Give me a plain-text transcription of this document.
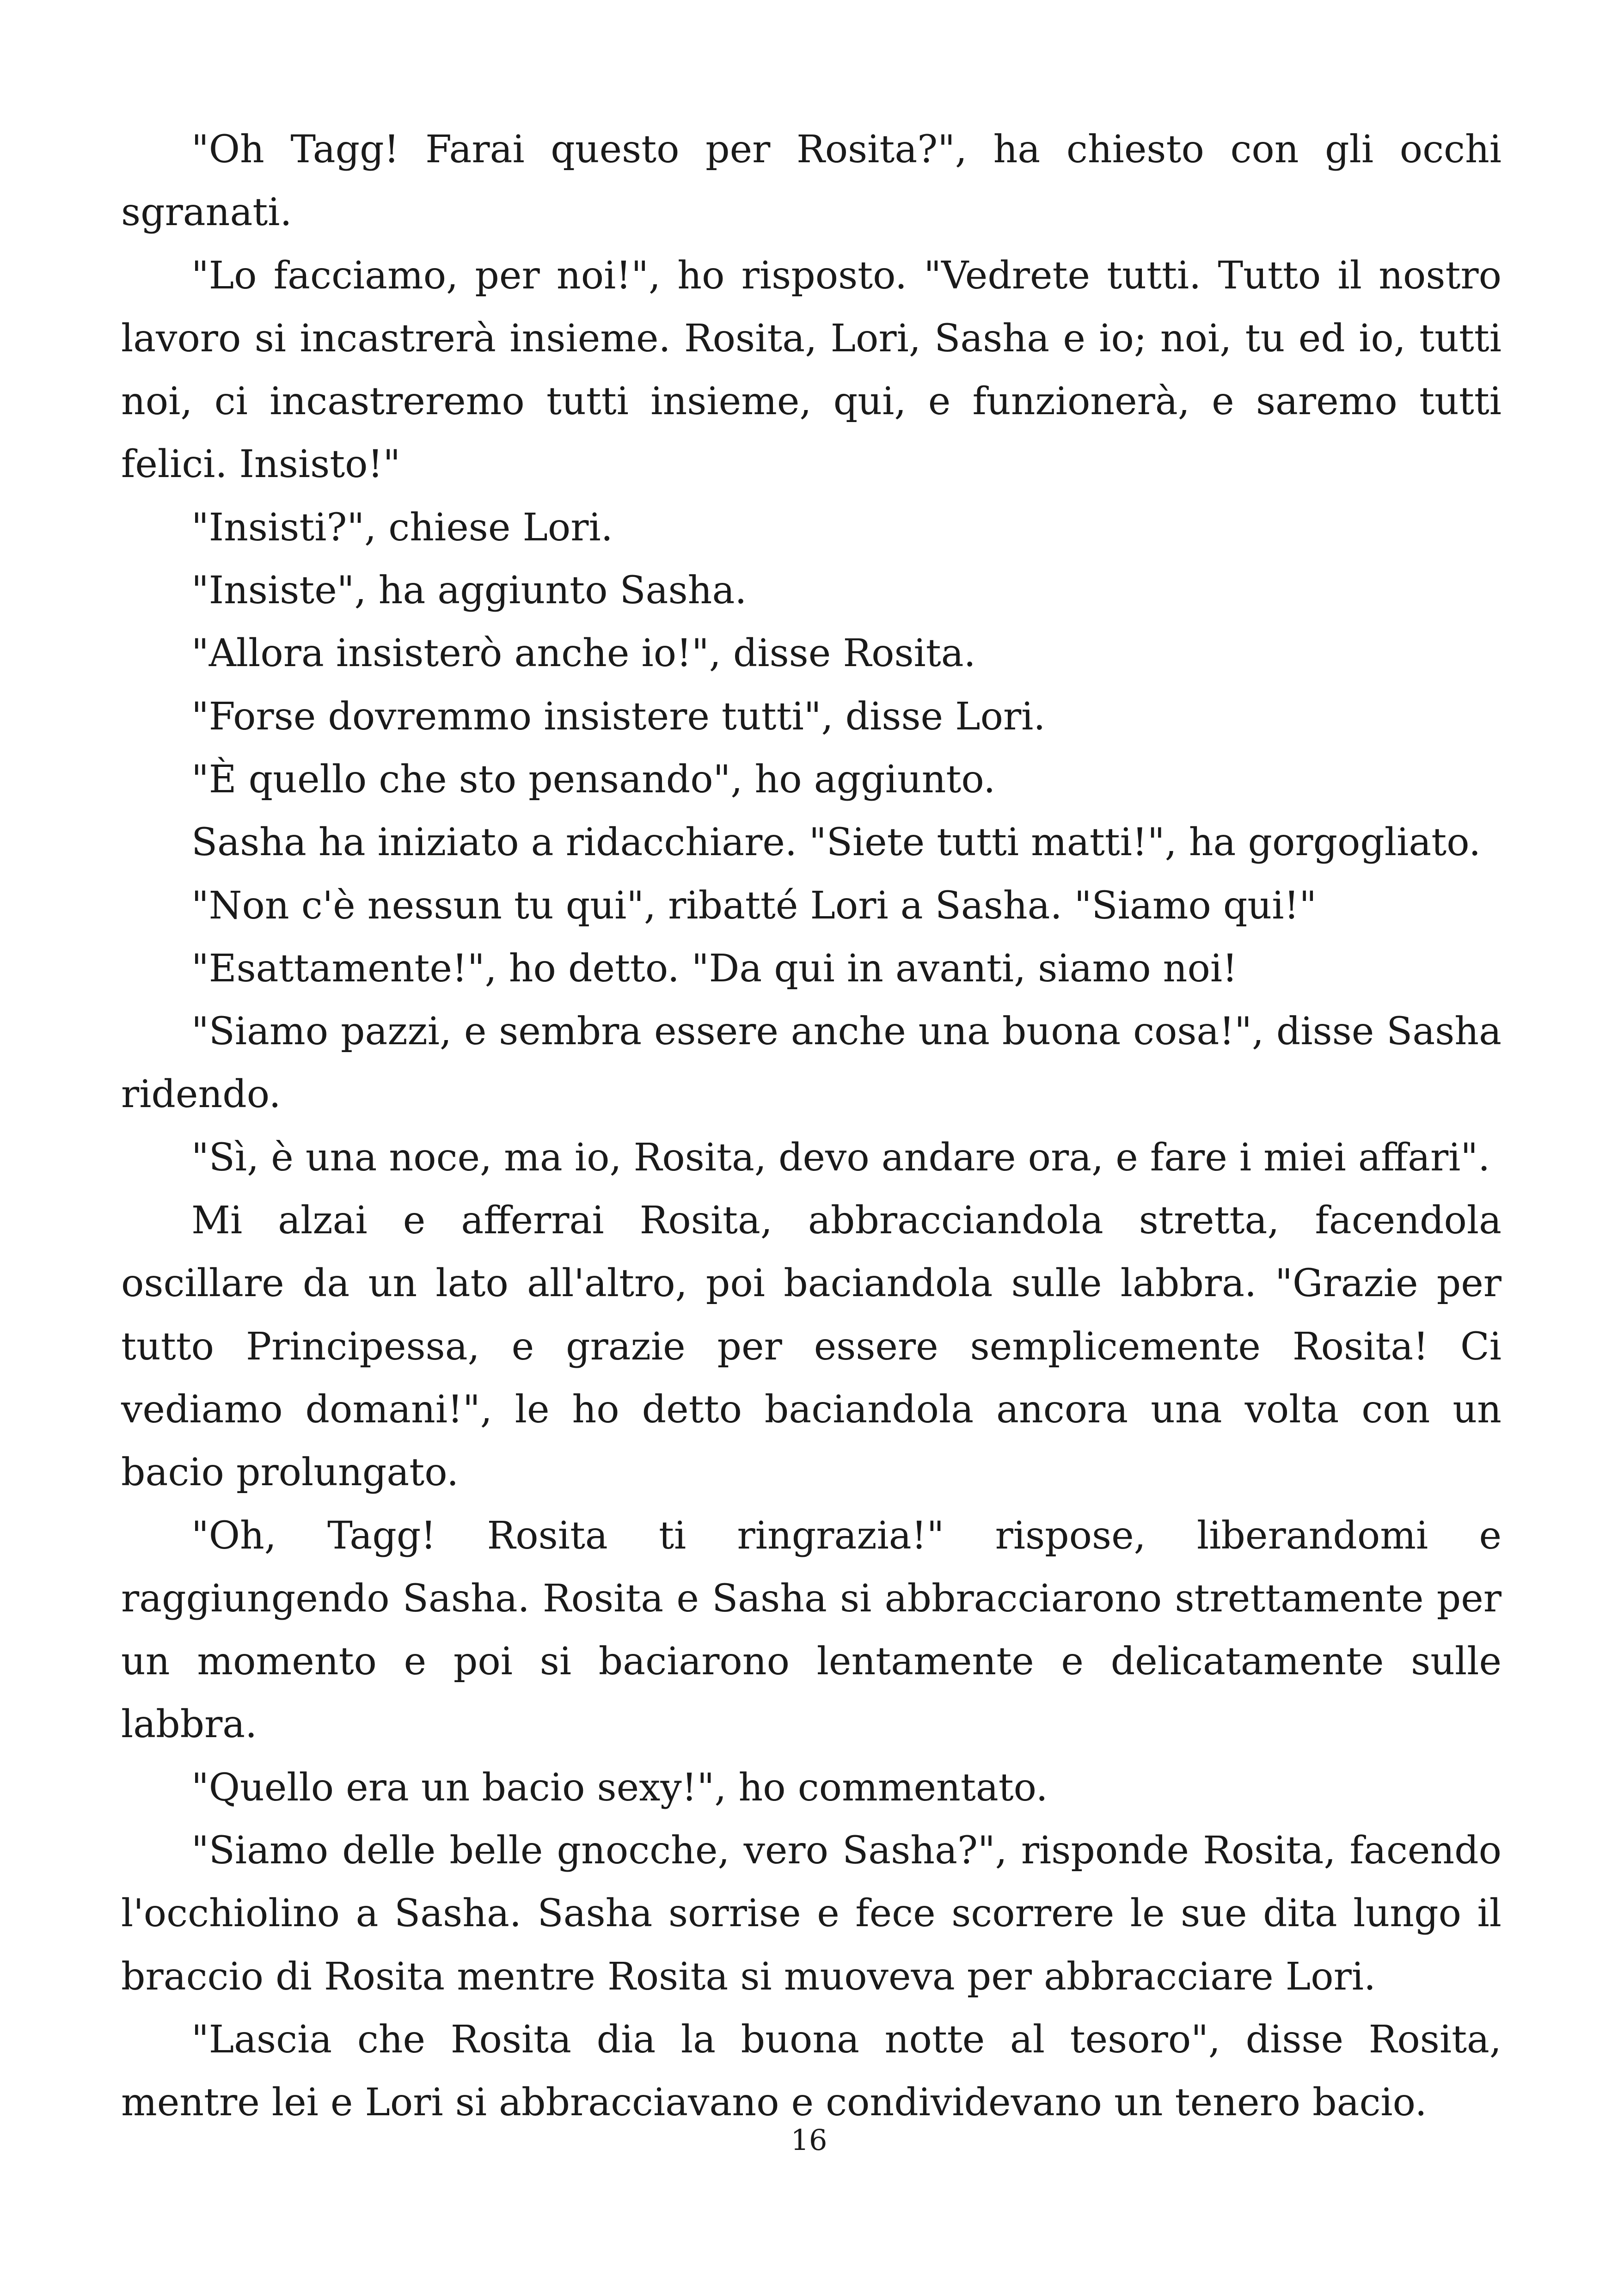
"Oh Tagg! Farai questo per Rosita?", ha chiesto con gli occhi sgranati.

"Lo facciamo, per noi!", ho risposto. "Vedrete tutti. Tutto il nostro lavoro si incastrerà insieme. Rosita, Lori, Sasha e io; noi, tu ed io, tutti noi, ci incastreremo tutti insieme, qui, e funzionerà, e saremo tutti felici. Insisto!"

"Insisti?", chiese Lori.

"Insiste", ha aggiunto Sasha.

"Allora insisterò anche io!", disse Rosita.

"Forse dovremmo insistere tutti", disse Lori.

"È quello che sto pensando", ho aggiunto.

Sasha ha iniziato a ridacchiare. "Siete tutti matti!", ha gorgogliato.

"Non c'è nessun tu qui", ribatté Lori a Sasha. "Siamo qui!"

"Esattamente!", ho detto. "Da qui in avanti, siamo noi!

"Siamo pazzi, e sembra essere anche una buona cosa!", disse Sasha ridendo.

"Sì, è una noce, ma io, Rosita, devo andare ora, e fare i miei affari".

Mi alzai e afferrai Rosita, abbracciandola stretta, facendola oscillare da un lato all'altro, poi baciandola sulle labbra. "Grazie per tutto Principessa, e grazie per essere semplicemente Rosita! Ci vediamo domani!", le ho detto baciandola ancora una volta con un bacio prolungato.

"Oh, Tagg! Rosita ti ringrazia!" rispose, liberandomi e raggiungendo Sasha. Rosita e Sasha si abbracciarono strettamente per un momento e poi si baciarono lentamente e delicatamente sulle labbra.

"Quello era un bacio sexy!", ho commentato.

"Siamo delle belle gnocche, vero Sasha?", risponde Rosita, facendo l'occhiolino a Sasha. Sasha sorrise e fece scorrere le sue dita lungo il braccio di Rosita mentre Rosita si muoveva per abbracciare Lori.

"Lascia che Rosita dia la buona notte al tesoro", disse Rosita, mentre lei e Lori si abbracciavano e condividevano un tenero bacio.

16
